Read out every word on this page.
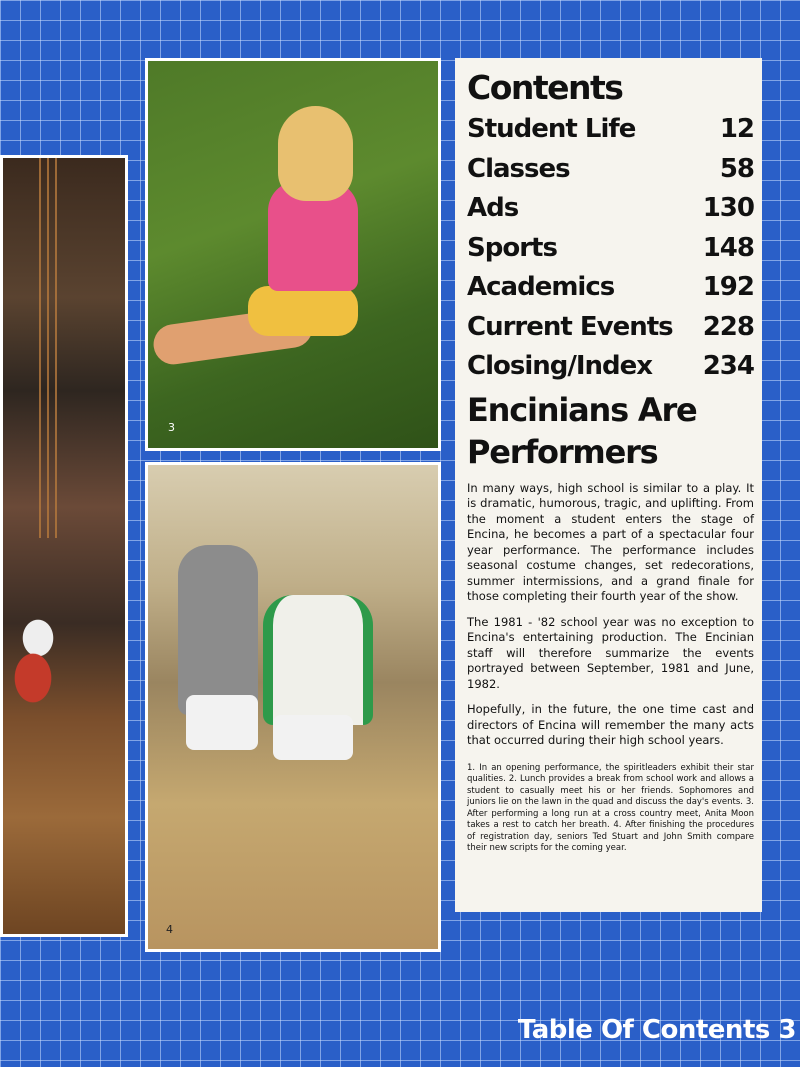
3
4
Contents
Student Life	12
Classes	58
Ads	130
Sports	148
Academics	192
Current Events 228
Closing/Index 234
Encinians Are Performers

In many ways, high school is similar to a play. It is dramatic, humorous, tragic, and uplifting. From the moment a student enters the stage of Encina, he becomes a part of a spectacular four year performance. The performance includes seasonal costume changes, set redecorations, summer intermissions, and a grand finale for those completing their fourth year of the show.

The 1981 - '82 school year was no exception to Encina's entertaining production. The Encinian staff will therefore summarize the events portrayed between September, 1981 and June, 1982.

Hopefully, in the future, the one time cast and directors of Encina will remember the many acts that occurred during their high school years.

1. In an opening performance, the spiritleaders exhibit their star qualities. 2. Lunch provides a break from school work and allows a student to casually meet his or her friends. Sophomores and juniors lie on the lawn in the quad and discuss the day's events. 3. After performing a long run at a cross country meet, Anita Moon takes a rest to catch her breath. 4. After finishing the procedures of registration day, seniors Ted Stuart and John Smith compare their new scripts for the coming year.
Table Of Contents 3
